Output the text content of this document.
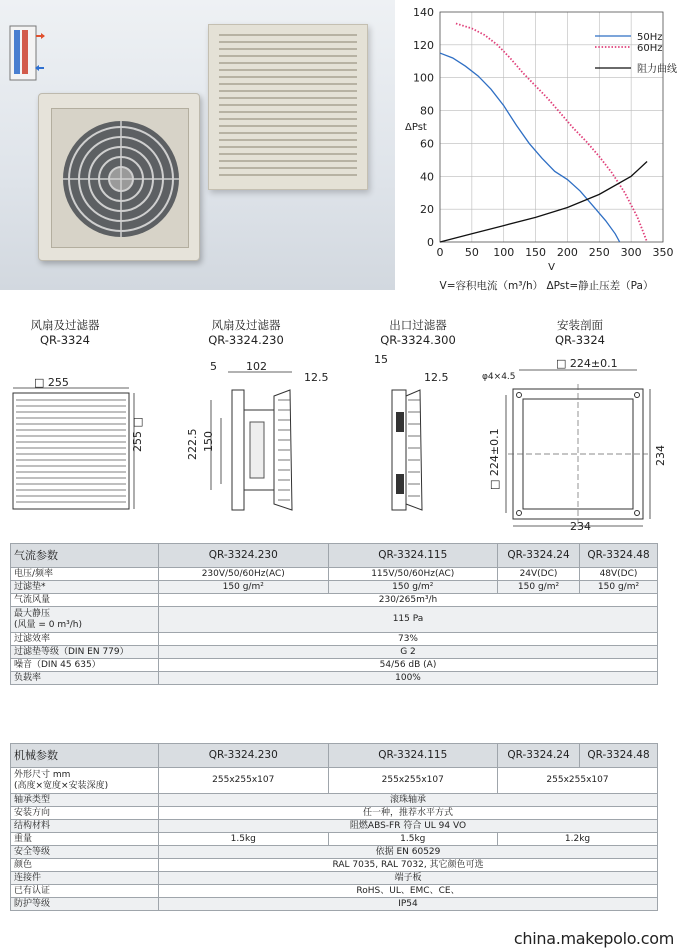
0 50 100 150 200 250 300 350
0
20
40
60
80
100
120
140
ΔPst
V
V=容积电流（m³/h） ΔPst=静止压差（Pa）
50Hz
60Hz
阻力曲线
风扇及过滤器
QR-3324
风扇及过滤器
QR-3324.230
出口过滤器
QR-3324.300
安装剖面
QR-3324
□ 255
255 □
5	102
12.5
222.5 150
15
12.5
□ 224±0.1
φ4×4.5
□ 224±0.1	234
234
气流参数	QR-3324.230	QR-3324.115	QR-3324.24	QR-3324.48
电压/频率	230V/50/60Hz(AC)	115V/50/60Hz(AC)	24V(DC)	48V(DC)
过滤垫*	150 g/m²	150 g/m²	150 g/m²	150 g/m²
气流风量	230/265m³/h			
最大静压
(风量 = 0 m³/h)	115 Pa			
过滤效率	73%			
过滤垫等级（DIN EN 779）	G 2			
噪音（DIN 45 635）	54/56 dB (A)			
负载率	100%			
机械参数	QR-3324.230	QR-3324.115	QR-3324.24	QR-3324.48
外形尺寸 mm
(高度×宽度×安装深度)	255x255x107	255x255x107	255x255x107	
轴承类型	滚珠轴承			
安装方向	任一种，推荐水平方式			
结构材料	阻燃ABS-FR 符合 UL 94 VO			
重量	1.5kg	1.5kg	1.2kg	
安全等级	依据 EN 60529			
颜色	RAL 7035, RAL 7032, 其它颜色可选			
连接件	端子板			
已有认证	RoHS、UL、EMC、CE、			
防护等级	IP54			
china.makepolo.com
